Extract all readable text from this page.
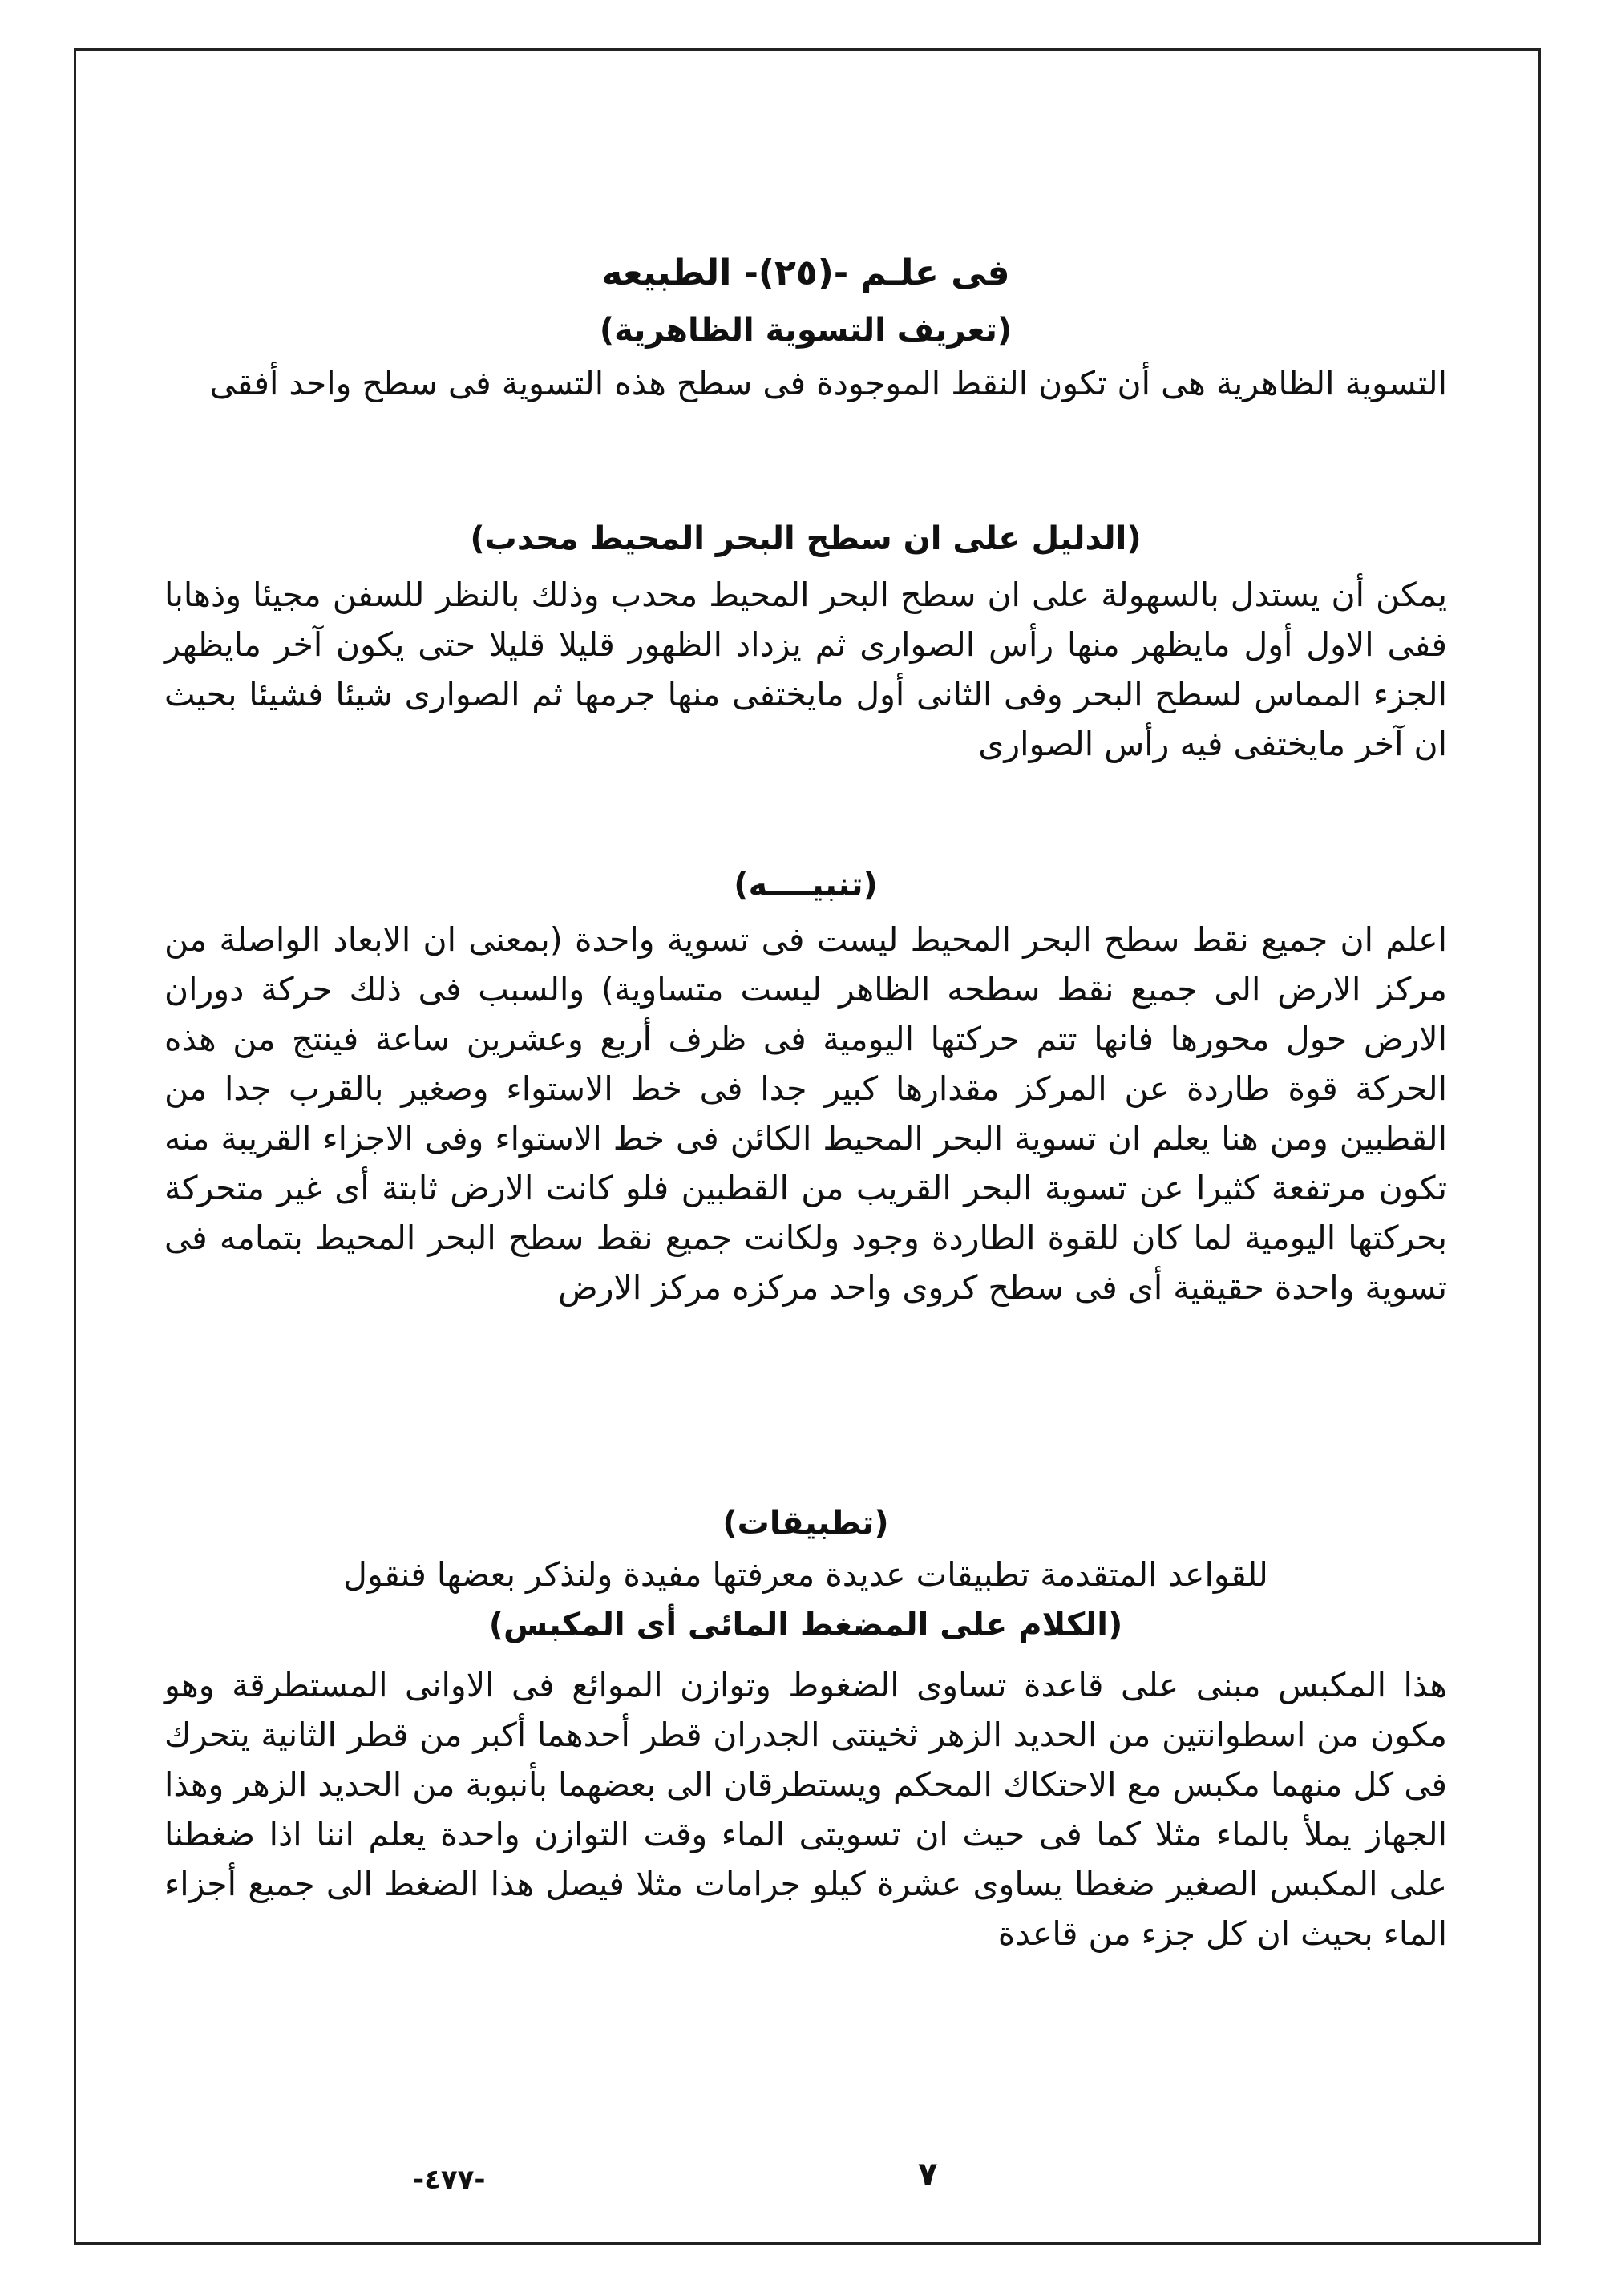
فى علـم -(٢٥)- الطبيعه
(تعريف التسوية الظاهرية)
التسوية الظاهرية هى أن تكون النقط الموجودة فى سطح هذه التسوية فى سطح واحد أفقى
(الدليل على ان سطح البحر المحيط محدب)
يمكن أن يستدل بالسهولة على ان سطح البحر المحيط محدب وذلك بالنظر للسفن مجيئا وذهابا ففى الاول أول مايظهر منها رأس الصوارى ثم يزداد الظهور قليلا قليلا حتى يكون آخر مايظهر الجزء المماس لسطح البحر وفى الثانى أول مايختفى منها جرمها ثم الصوارى شيئا فشيئا بحيث ان آخر مايختفى فيه رأس الصوارى
(تنبيــــه)
اعلم ان جميع نقط سطح البحر المحيط ليست فى تسوية واحدة (بمعنى ان الابعاد الواصلة من مركز الارض الى جميع نقط سطحه الظاهر ليست متساوية) والسبب فى ذلك حركة دوران الارض حول محورها فانها تتم حركتها اليومية فى ظرف أربع وعشرين ساعة فينتج من هذه الحركة قوة طاردة عن المركز مقدارها كبير جدا فى خط الاستواء وصغير بالقرب جدا من القطبين ومن هنا يعلم ان تسوية البحر المحيط الكائن فى خط الاستواء وفى الاجزاء القريبة منه تكون مرتفعة كثيرا عن تسوية البحر القريب من القطبين فلو كانت الارض ثابتة أى غير متحركة بحركتها اليومية لما كان للقوة الطاردة وجود ولكانت جميع نقط سطح البحر المحيط بتمامه فى تسوية واحدة حقيقية أى فى سطح كروى واحد مركزه مركز الارض
(تطبيقات)
للقواعد المتقدمة تطبيقات عديدة معرفتها مفيدة ولنذكر بعضها فنقول
(الكلام على المضغط المائى أى المكبس)
هذا المكبس مبنى على قاعدة تساوى الضغوط وتوازن الموائع فى الاوانى المستطرقة وهو مكون من اسطوانتين من الحديد الزهر ثخينتى الجدران قطر أحدهما أكبر من قطر الثانية يتحرك فى كل منهما مكبس مع الاحتكاك المحكم ويستطرقان الى بعضهما بأنبوبة من الحديد الزهر وهذا الجهاز يملأ بالماء مثلا كما فى حيث ان تسويتى الماء وقت التوازن واحدة يعلم اننا اذا ضغطنا على المكبس الصغير ضغطا يساوى عشرة كيلو جرامات مثلا فيصل هذا الضغط الى جميع أجزاء الماء بحيث ان كل جزء من قاعدة
-٤٧٧-	٧
